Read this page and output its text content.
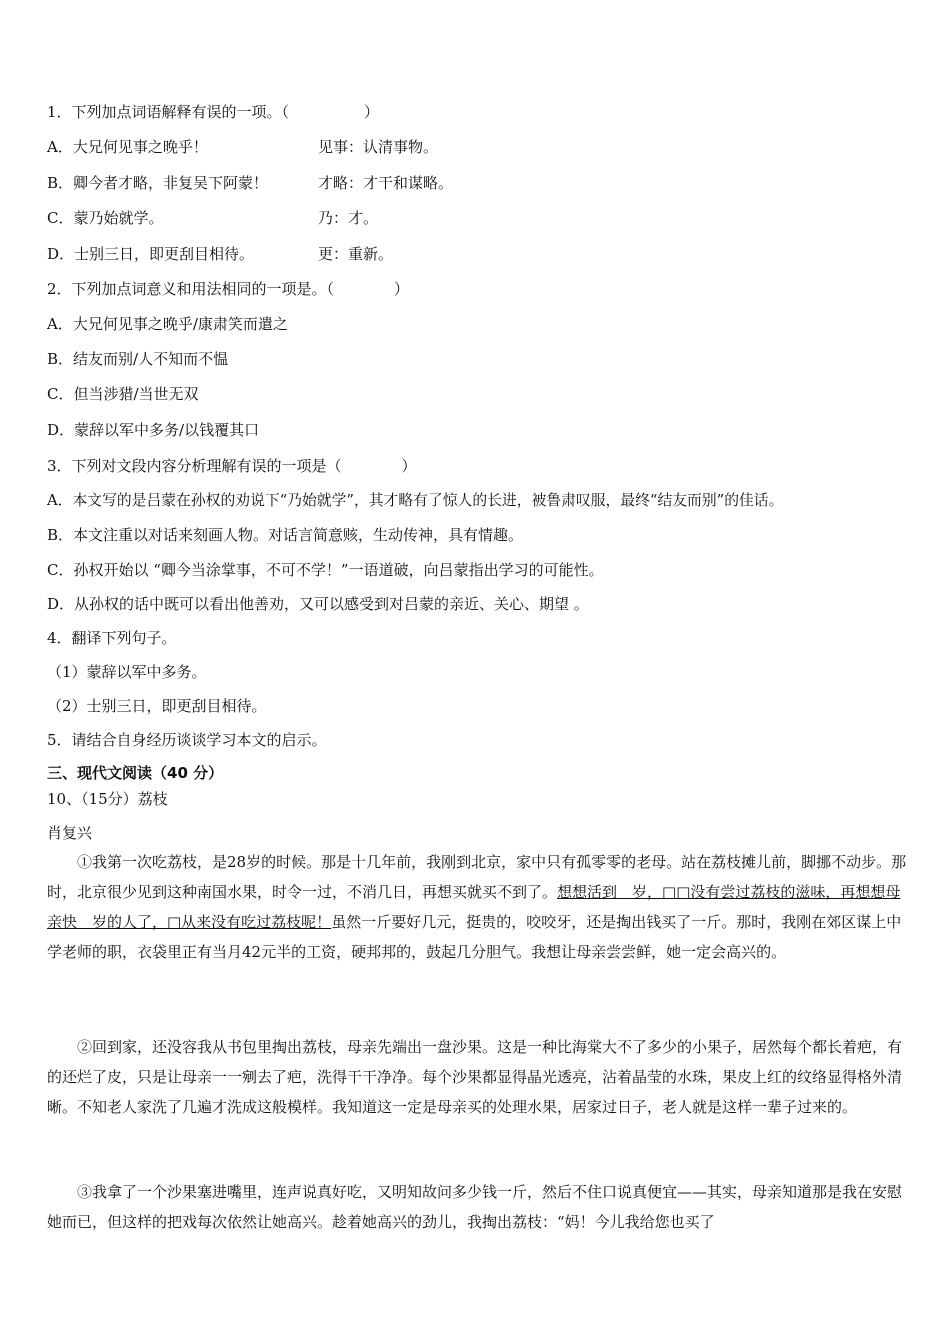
1．下列加点词语解释有误的一项。（　　　　　）
A．大兄何见事之晚乎！	见事：认清事物。
B．卿今者才略，非复吴下阿蒙！	才略：才干和谋略。
C．蒙乃始就学。	乃：才。
D．士别三日，即更刮目相待。	更：重新。
2．下列加点词意义和用法相同的一项是。（　　　　）
A．大兄何见事之晚乎/康肃笑而遣之
B．结友而别/人不知而不愠
C．但当涉猎/当世无双
D．蒙辞以军中多务/以钱覆其口
3．下列对文段内容分析理解有误的一项是（　　　　）
A．本文写的是吕蒙在孙权的劝说下“乃始就学”，其才略有了惊人的长进，被鲁肃叹服，最终“结友而别”的佳话。
B．本文注重以对话来刻画人物。对话言简意赅，生动传神，具有情趣。
C．孙权开始以 “卿今当涂掌事，不可不学！”一语道破，向吕蒙指出学习的可能性。
D．从孙权的话中既可以看出他善劝，又可以感受到对吕蒙的亲近、关心、期望 。
4．翻译下列句子。
（1）蒙辞以军中多务。
（2）士别三日，即更刮目相待。
5．请结合自身经历谈谈学习本文的启示。
三、现代文阅读（40 分）
10、（15分）荔枝
肖复兴
①我第一次吃荔枝，是28岁的时候。那是十几年前，我刚到北京，家中只有孤零零的老母。站在荔枝摊儿前，脚挪不动步。那时，北京很少见到这种南国水果，时令一过，不消几日，再想买就买不到了。想想活到　岁，□□没有尝过荔枝的滋味，再想想母亲快　岁的人了，□从来没有吃过荔枝呢！虽然一斤要好几元，挺贵的，咬咬牙，还是掏出钱买了一斤。那时，我刚在郊区谋上中学老师的职，衣袋里正有当月42元半的工资，硬邦邦的，鼓起几分胆气。我想让母亲尝尝鲜，她一定会高兴的。
②回到家，还没容我从书包里掏出荔枝，母亲先端出一盘沙果。这是一种比海棠大不了多少的小果子，居然每个都长着疤，有的还烂了皮，只是让母亲一一剜去了疤，洗得干干净净。每个沙果都显得晶光透亮，沾着晶莹的水珠，果皮上红的纹络显得格外清晰。不知老人家洗了几遍才洗成这般模样。我知道这一定是母亲买的处理水果，居家过日子，老人就是这样一辈子过来的。
③我拿了一个沙果塞进嘴里，连声说真好吃，又明知故问多少钱一斤，然后不住口说真便宜——其实，母亲知道那是我在安慰她而已，但这样的把戏每次依然让她高兴。趁着她高兴的劲儿，我掏出荔枝：“妈！今儿我给您也买了
